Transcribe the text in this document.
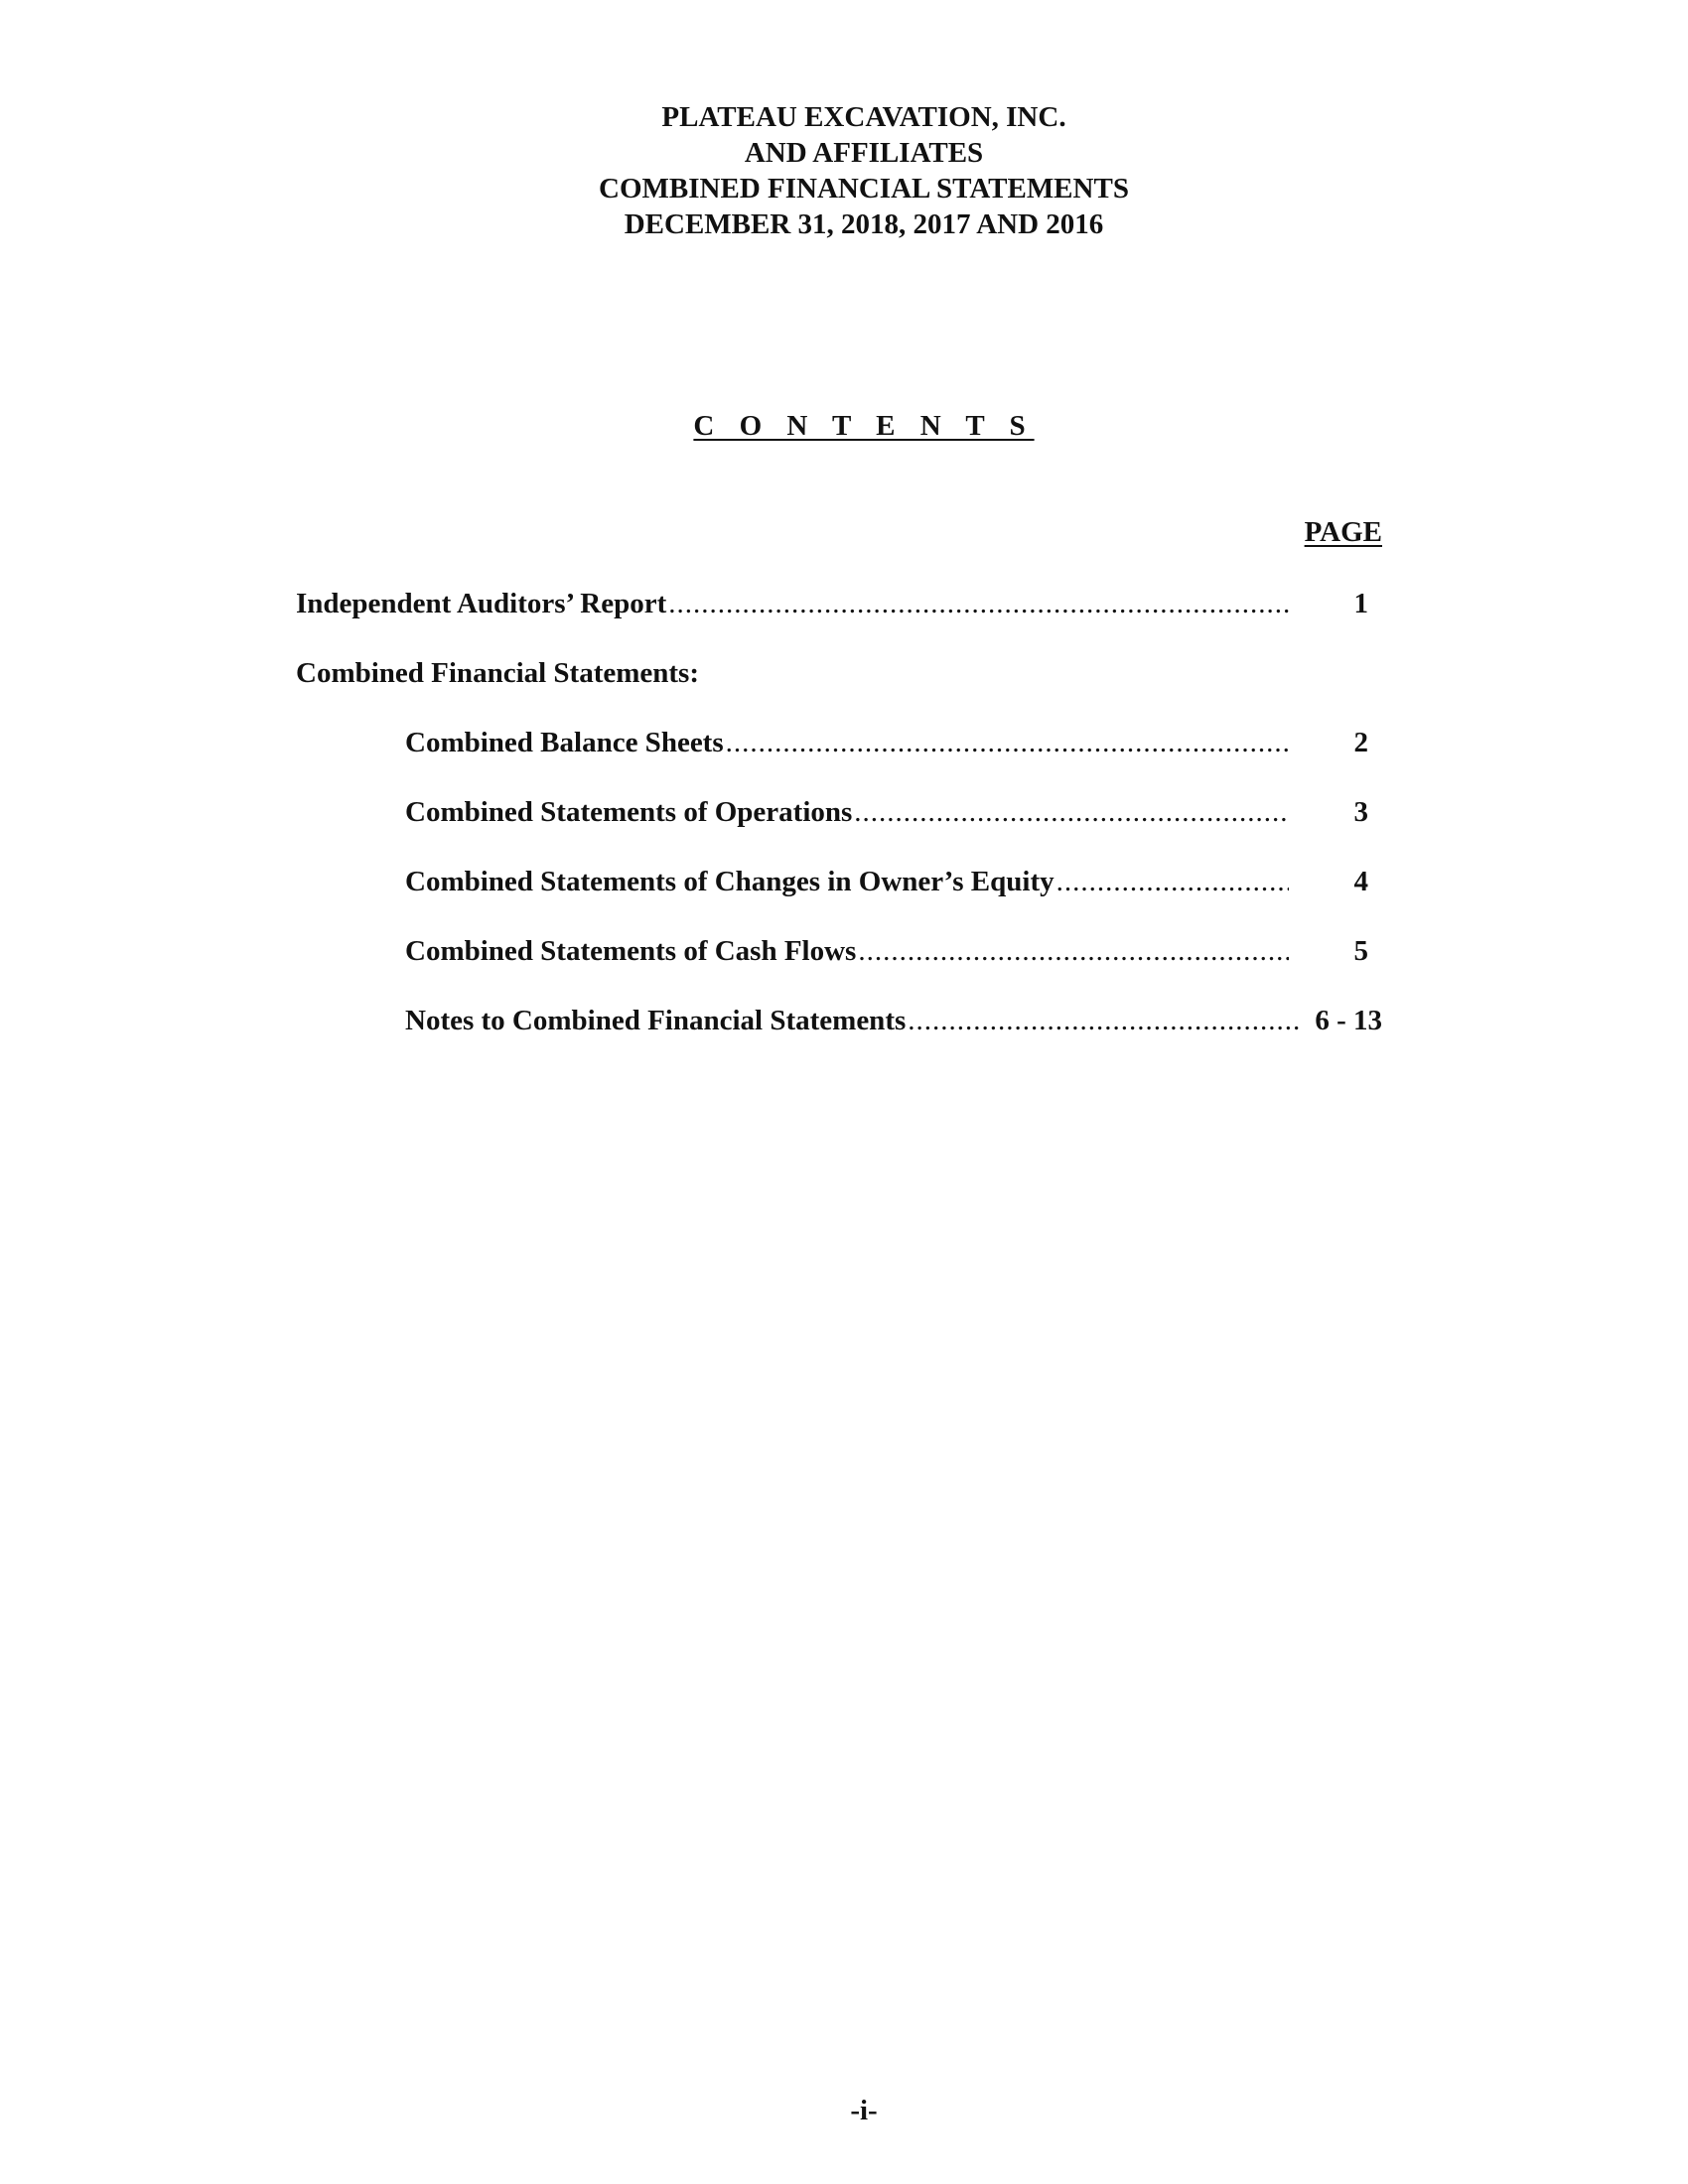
PLATEAU EXCAVATION, INC.
AND AFFILIATES
COMBINED FINANCIAL STATEMENTS
DECEMBER 31, 2018, 2017 AND 2016
C O N T E N T S
PAGE
Independent Auditors’ Report .....	1
Combined Financial Statements:
Combined Balance Sheets .....	2
Combined Statements of Operations .....	3
Combined Statements of Changes in Owner’s Equity .....	4
Combined Statements of Cash Flows .....	5
Notes to Combined Financial Statements .....	6 - 13
-i-
